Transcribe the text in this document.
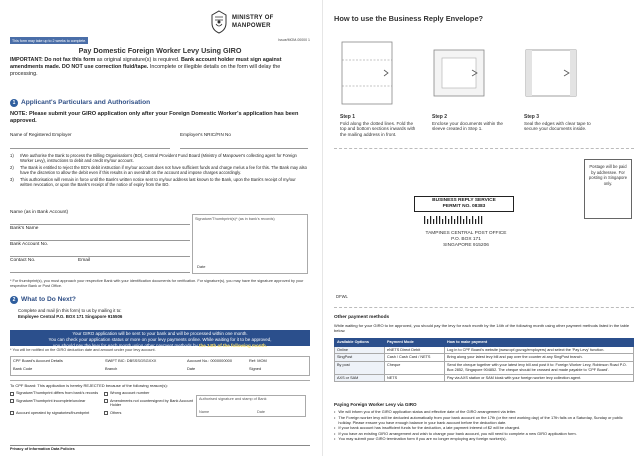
MINISTRY OF
MANPOWER
This form may take up to 2 weeks to complete.	Issue/MOM-00000 1
Pay Domestic Foreign Worker Levy Using GIRO
IMPORTANT: Do not fax this form as original signature(s) is required. Bank account holder must sign against amendments made. DO NOT use correction fluid/tape. Incomplete or illegible details on the form will delay the processing.
1 Applicant's Particulars and Authorisation
NOTE: Please submit your GIRO application only after your Foreign Domestic Worker's application has been approved.
Name of Registered Employer	Employer's NRIC/FIN No
1)	I/We authorise the Bank to process the Billing Organisation's (BO), Central Provident Fund Board (Ministry of Manpower's collecting agent for Foreign Worker Levy), instructions to debit and credit my/our account.
2)	The Bank is entitled to reject the BO's debit instruction if my/our account does not have sufficient funds and charge me/us a fee for this. The Bank may also have the discretion to allow the debit even if this results in an overdraft on the account and impose charges accordingly.
3)	This authorisation will remain in force until the Bank's written notice sent to my/our address last known to the Bank, upon the Bank's receipt of my/our written revocation, or upon the Bank's receipt of the notice of expiry from the BO.
Name (as in Bank Account)
Bank's Name
Bank Account No.
Contact No.	Email
Signature/Thumbprint(s)* (as in bank's records)
Date
* For thumbprint(s), you must approach your respective Bank with your identification documents for verification. For signature(s), you may have the signature approved by your respective Bank or Post Office.
2 What to Do Next?
Complete and mail (in this form) to us by mailing it to:
Employee Central P.O. BOX 171 Singapore 915506
Your GIRO application will be sent to your bank and will be processed within one month.
You can check your application status or more on your levy payments online. While waiting for it to be approved,
you should pay the levy for each month using other payment methods by the 14th of the following month.
* You will be notified on the GIRO deduction date and amount under your levy account.
CPF Board's Account Details	SWIFT BIC: DBSSSGSGXXX	Account No.: 0000000000	Ref: MOM
Bank Code	Branch	Date	Signed
To CPF Board: This application is hereby REJECTED because of the following reason(s):
Signature/Thumbprint differs from bank's records	Wrong account number
Signature/Thumbprint incomplete/unclear	Amendments not countersigned by Bank Account Holder
Account operated by signatories/thumbprint	Others
Authorised signature and stamp of Bank
Name	Date
Privacy of Information Data Policies
How to use the Business Reply Envelope?
Step 1
Fold along the dotted lines. Fold the top and bottom sections inwards with the mailing address in front.
Step 2
Enclose your documents within the sleeve created in Step 1.
Step 3
Seal the edges with clear tape to secure your documents inside.
Postage will be paid by addressee. For posting in Singapore only.
BUSINESS REPLY SERVICE
PERMIT NO. 08383
TAMPINES CENTRAL POST OFFICE
P.O. BOX 171
SINGAPORE 915206
DFWL
Other payment methods
While waiting for your GIRO to be approved, you should pay the levy for each month by the 14th of the following month using other payment methods listed in the table below.
Available Options	Payment Mode	How to make payment
Online	eNETS Direct Debit	Log in to CPF Board's website (www.cpf.gov.sg/employers) and select the 'Pay Levy' function.
SingPost	Cash / Cash Card / NETS	Bring along your latest levy bill and pay over the counter at any SingPost branch.
By post	Cheque	Send the cheque together with your latest levy bill and post it to: Foreign Worker Levy, Robinson Road P.O. Box 2852, Singapore 904852. The cheque should be crossed and made payable to 'CPF Board'.
AXS or SAM	NETS	Pay via AXS station or SAM kiosk with your foreign worker levy collection agent.
Paying Foreign Worker Levy via GIRO
• We will inform you of the GIRO application status and effective date of the GIRO arrangement via letter.
• The Foreign worker levy will be deducted automatically from your bank account on the 17th (or the next working day) of the 17th falls on a Saturday, Sunday or public holiday. Please ensure you have enough balance in your bank account before the deduction date.
• If your bank account has insufficient funds for the deduction, a late payment interest of $2 will be charged.
• If you have an existing GIRO arrangement and wish to change your bank account, you will need to complete a new GIRO application form.
• You may submit your GIRO termination form if you are no longer employing any foreign worker(s).
